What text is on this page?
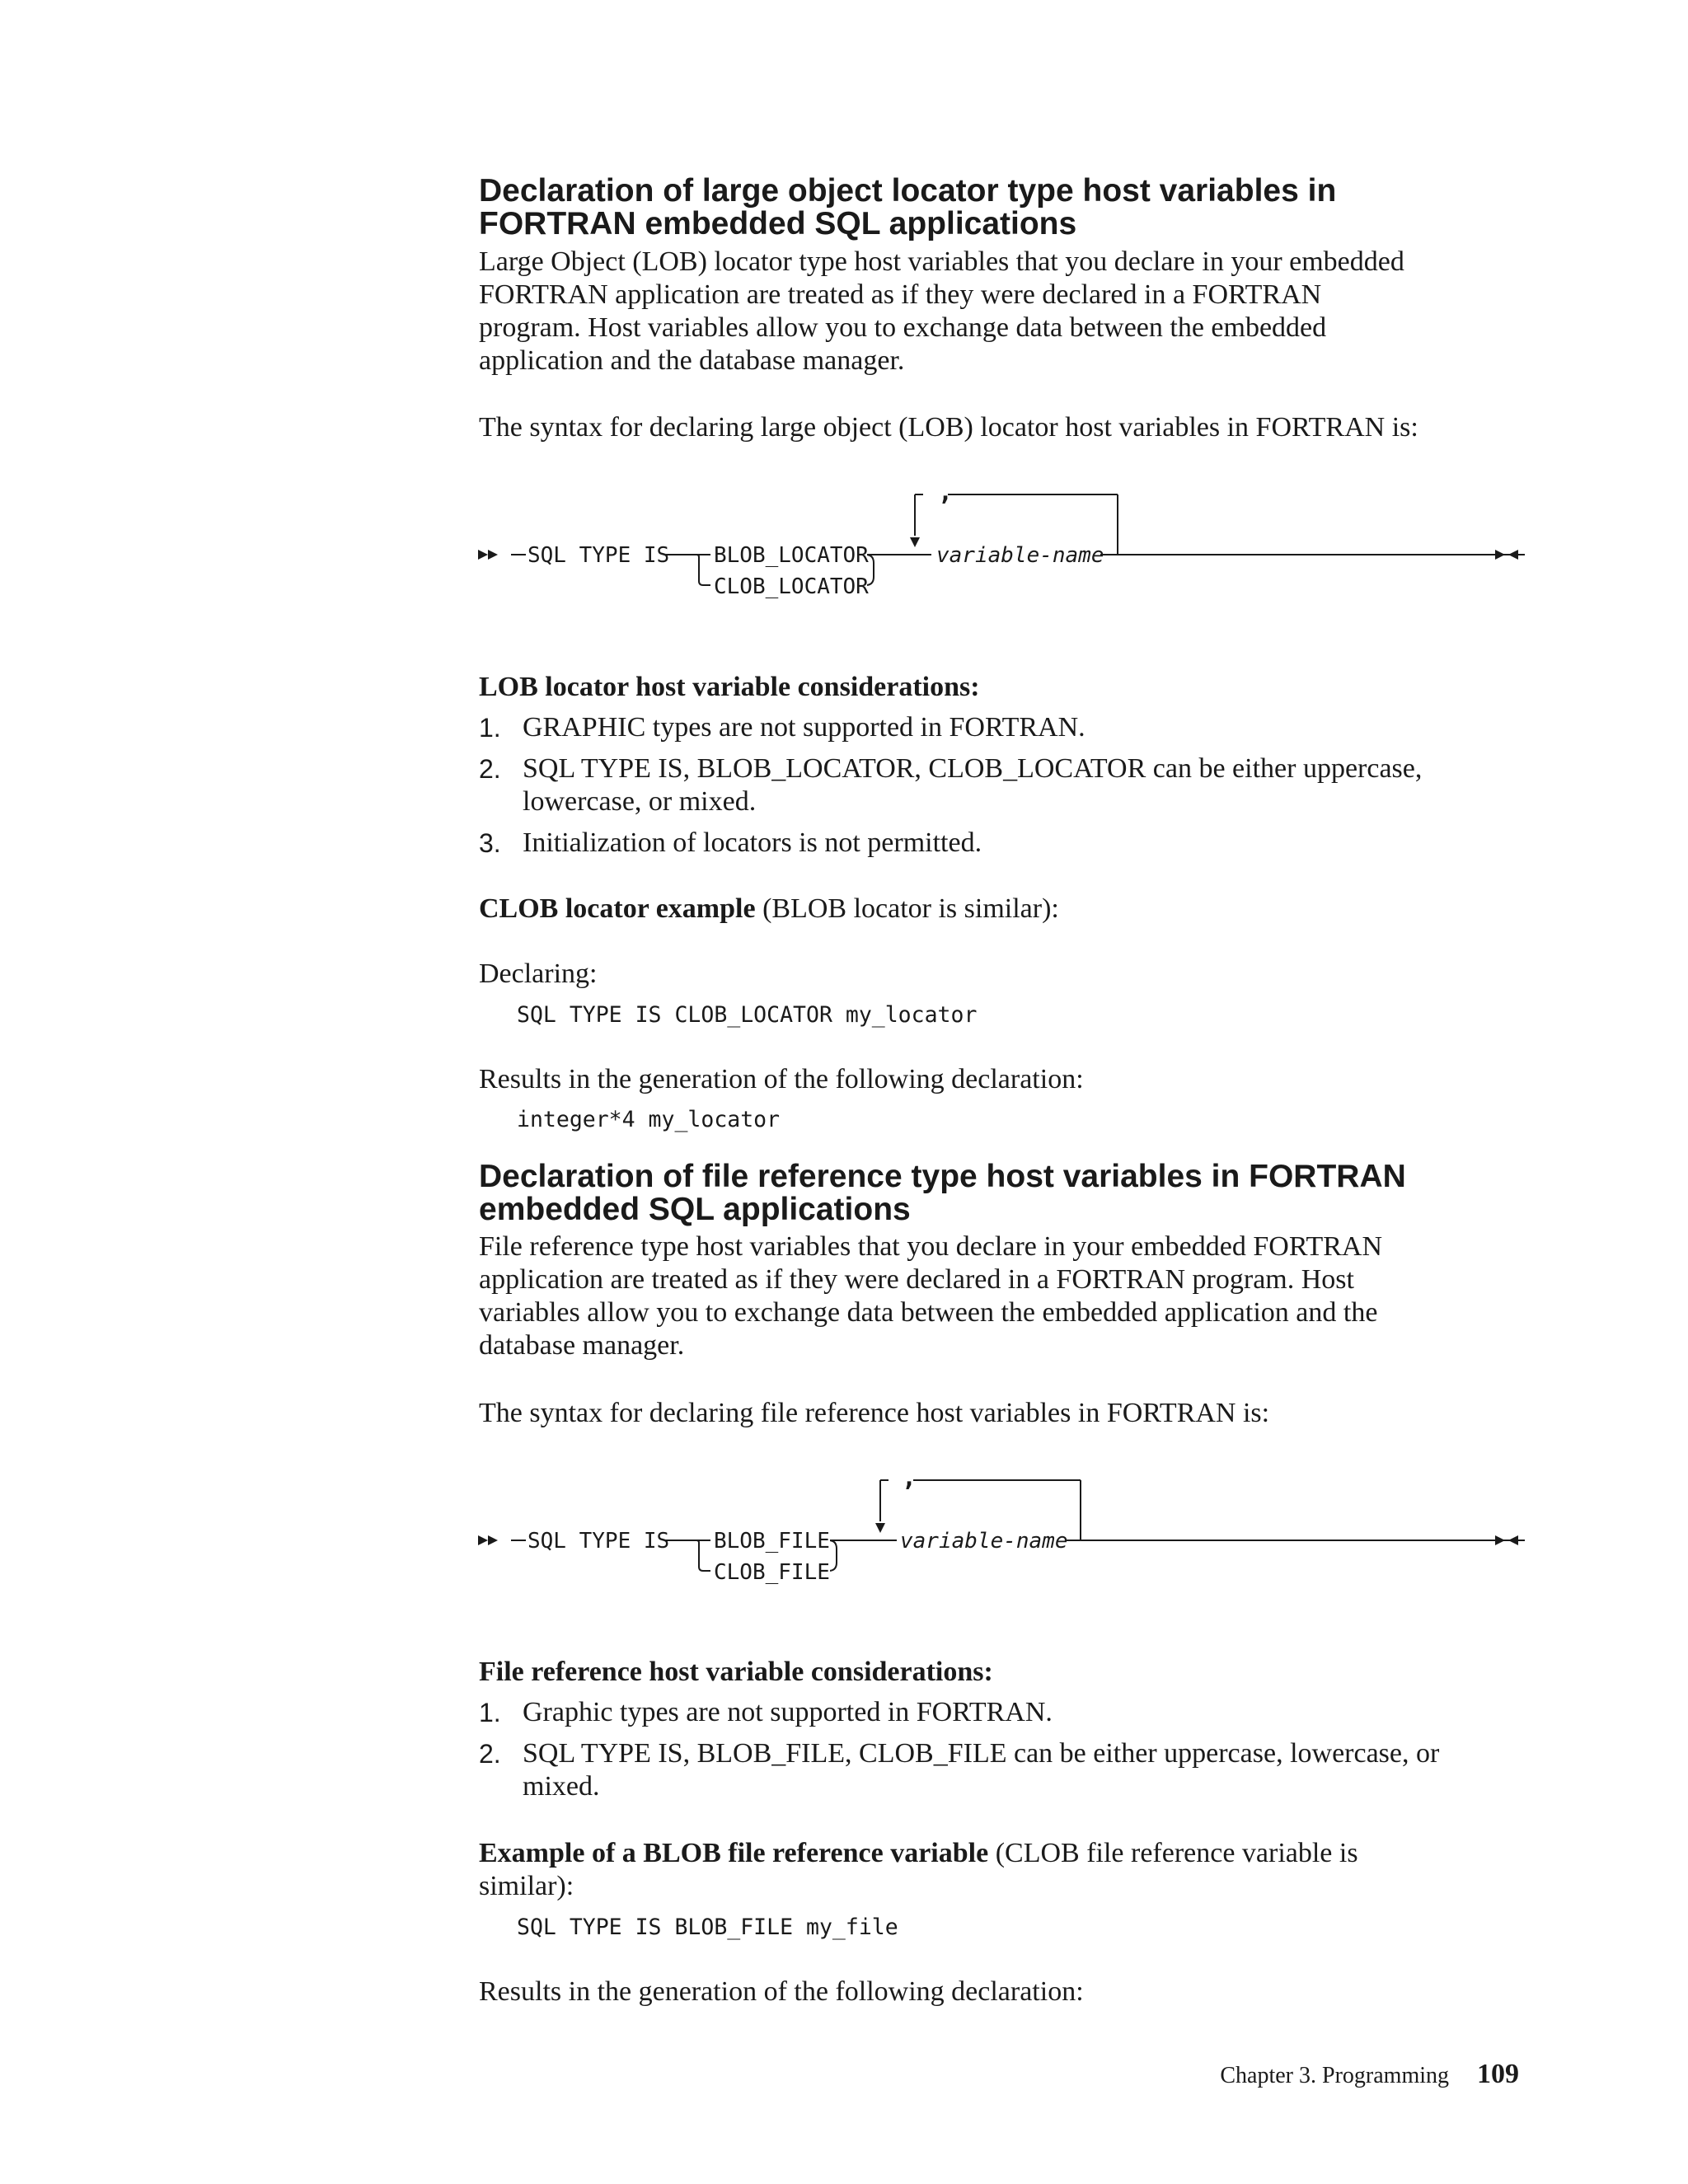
Declaration of large object locator type host variables in

FORTRAN embedded SQL applications

Large Object (LOB) locator type host variables that you declare in your embedded

FORTRAN application are treated as if they were declared in a FORTRAN

program. Host variables allow you to exchange data between the embedded

application and the database manager.

The syntax for declaring large object (LOB) locator host variables in FORTRAN is:

SQL TYPE IS BLOB_LOCATOR
CLOB_LOCATOR
,
variable-name

LOB locator host variable considerations:

1. GRAPHIC types are not supported in FORTRAN.
2. SQL TYPE IS, BLOB_LOCATOR, CLOB_LOCATOR can be either uppercase,
lowercase, or mixed.
3. Initialization of locators is not permitted.

CLOB locator example (BLOB locator is similar):

Declaring:

SQL TYPE IS CLOB_LOCATOR my_locator

Results in the generation of the following declaration:

integer*4 my_locator

Declaration of file reference type host variables in FORTRAN

embedded SQL applications

File reference type host variables that you declare in your embedded FORTRAN

application are treated as if they were declared in a FORTRAN program. Host

variables allow you to exchange data between the embedded application and the

database manager.

The syntax for declaring file reference host variables in FORTRAN is:

SQL TYPE IS BLOB_FILE
CLOB_FILE
,
variable-name

File reference host variable considerations:

1. Graphic types are not supported in FORTRAN.
2. SQL TYPE IS, BLOB_FILE, CLOB_FILE can be either uppercase, lowercase, or
mixed.

Example of a BLOB file reference variable (CLOB file reference variable is

similar):

SQL TYPE IS BLOB_FILE my_file

Results in the generation of the following declaration:

Chapter 3. Programming 109
